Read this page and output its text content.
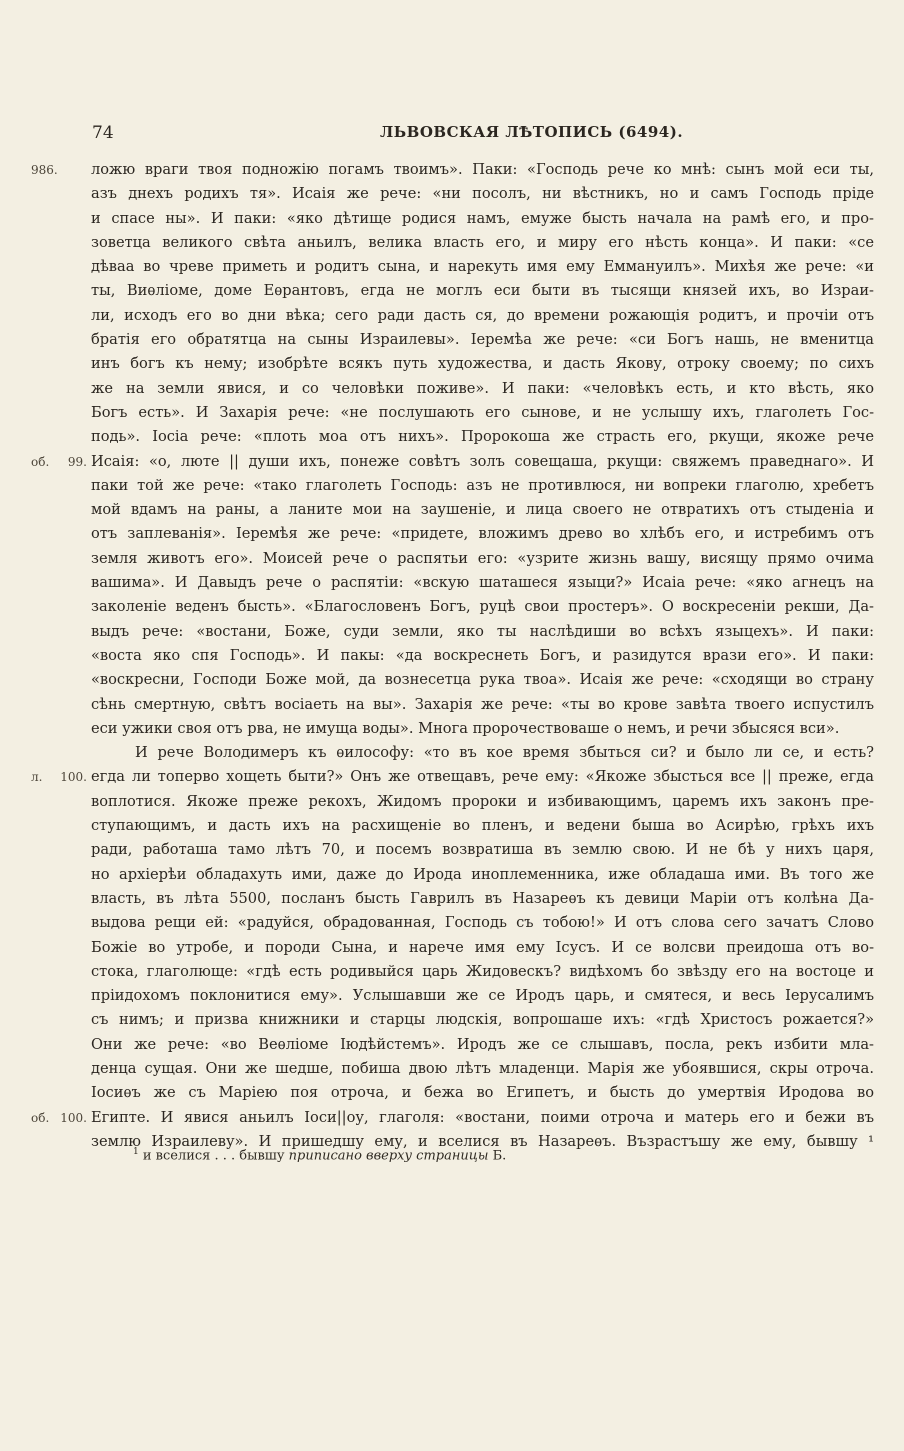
74	ЛЬВОВСКАЯ ЛѢТОПИСЬ (6494).
986.	ложю враги твоя подножію погамъ твоимъ». Паки: «Господь рече ко мнѣ: сынъ мой еси ты,
азъ днехъ родихъ тя». Исаія же рече: «ни посолъ, ни вѣстникъ, но и самъ Господь прiде
и спасе ны». И паки: «яко дѣтище родися намъ, емуже бысть начала на рамѣ его, и про-
зоветца великого свѣта аньилъ, велика власть его, и миру его нѣсть конца». И паки: «се
дѣваа во чреве приметь и родитъ сына, и нарекуть имя ему Еммануилъ». Михѣя же рече: «и
ты, Виѳліоме, доме Еѳрантовъ, егда не моглъ еси быти въ тысящи князей ихъ, во Израи-
ли, исходъ его во дни вѣка; сего ради дасть ся, до времени рожающія родитъ, и прочiи отъ
братія его обратятца на сыны Израилевы». Іеремѣа же рече: «си Богъ нашь, не вменитца
инъ богъ къ нему; изобрѣте всякъ путь художества, и дасть Якову, отроку своему; по сихъ
же на земли явися, и со человѣки поживе». И паки: «человѣкъ есть, и кто вѣсть, яко
Богъ есть». И Захарія рече: «не послушають его сынове, и не услышу ихъ, глаголеть Гос-
подь». Іосіа рече: «плоть моа отъ нихъ». Пророкоша же страсть его, ркущи, якоже рече
об. 99. Исаія: «о, люте || души ихъ, понеже совѣтъ золъ совещаша, ркущи: свяжемъ праведнаго». И
паки той же рече: «тако глаголеть Господь: азъ не противлюся, ни вопреки глаголю, хребетъ
мой вдамъ на раны, а ланите мои на заушеніе, и лица своего не отвратихъ отъ стыденіа и
отъ заплеванія». Іеремѣя же рече: «придете, вложимъ древо во хлѣбъ его, и истребимъ отъ
земля животъ его». Моисей рече о распятьи его: «узрите жизнь вашу, висящу прямо очима
вашима». И Давыдъ рече о распятіи: «вскую шаташеся языци?» Исаіа рече: «яко агнецъ на
заколеніе веденъ бысть». «Благословенъ Богъ, руцѣ свои простеръ». О воскресеніи рекши, Да-
выдъ рече: «востани, Боже, суди земли, яко ты наслѣдиши во всѣхъ языцехъ». И паки:
«воста яко спя Господь». И пакы: «да воскреснеть Богъ, и разидутся врази его». И паки:
«воскресни, Господи Боже мой, да вознесетца рука твоа». Исаія же рече: «сходящи во страну
сѣнь смертную, свѣтъ восіаеть на вы». Захарія же рече: «ты во крове завѣта твоего испустилъ
еси ужики своя отъ рва, не имуща воды». Многа пророчествоваше о немъ, и речи збысяся вси».
И рече Володимеръ къ ѳилософу: «то въ кое время збыться си? и было ли се, и есть?
л. 100. егда ли топерво хощеть быти?» Онъ же отвещавъ, рече ему: «Якоже збысться все || преже, егда
воплотися. Якоже преже рекохъ, Жидомъ пророки и избивающимъ, царемъ ихъ законъ пре-
ступающимъ, и дасть ихъ на расхищеніе во пленъ, и ведени быша во Асирѣю, грѣхъ ихъ
ради, работаша тамо лѣтъ 70, и посемъ возвратиша въ землю свою. И не бѣ у нихъ царя,
но архіерѣи обладахуть ими, даже до Ирода иноплеменника, иже обладаша ими. Въ того же
власть, въ лѣта 5500, посланъ бысть Гаврилъ въ Назареѳъ къ девици Маріи отъ колѣна Да-
выдова рещи ей: «радуйся, обрадованная, Господь съ тобою!» И отъ слова сего зачатъ Слово
Божіе во утробе, и породи Сына, и нарече имя ему Ісусъ. И се волсви преидоша отъ во-
стока, глаголюще: «гдѣ есть родивыйся царь Жидовескъ? видѣхомъ бо звѣзду его на востоце и
пріидохомъ поклонитися ему». Услышавши же се Иродъ царь, и смятеся, и весь Іерусалимъ
съ нимъ; и призва книжники и старцы людскія, вопрошаше ихъ: «гдѣ Христосъ рожается?»
Они же рече: «во Веѳліоме Іюдѣйстемъ». Иродъ же се слышавъ, посла, рекъ избити мла-
денца сущая. Они же шедше, побиша двою лѣтъ младенци. Марія же убоявшися, скры отроча.
Іосиѳъ же съ Маріею поя отроча, и бежа во Египетъ, и бысть до умертвія Иродова во
об. 100. Египте. И явися аньилъ Іоси||оу, глаголя: «востани, поими отроча и матерь его и бежи въ
землю Израилеву». И пришедшу ему, и вселися въ Назареѳъ. Възрастъшу же ему, бывшу ¹
$^1$ и вселися . . . бывшу приписано вверху страницы Б.
